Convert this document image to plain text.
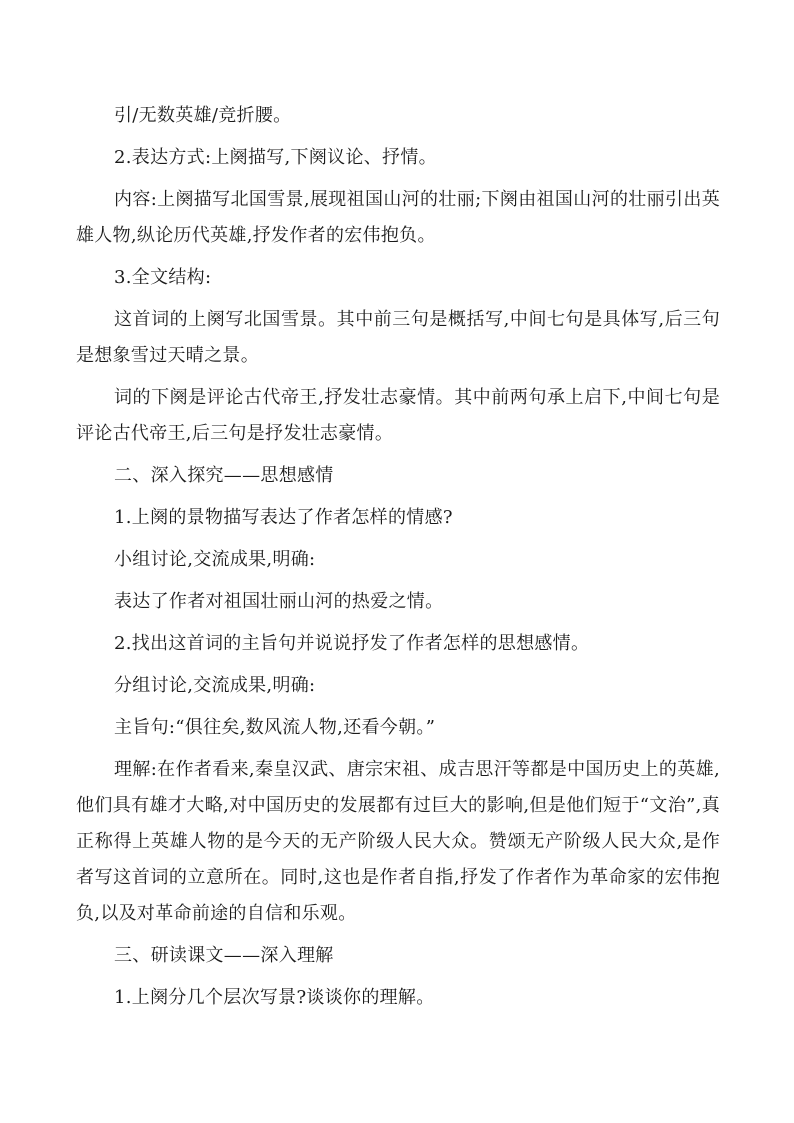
引/无数英雄/竞折腰。

2.表达方式:上阕描写,下阕议论、抒情。

内容:上阕描写北国雪景,展现祖国山河的壮丽;下阕由祖国山河的壮丽引出英雄人物,纵论历代英雄,抒发作者的宏伟抱负。

3.全文结构:

这首词的上阕写北国雪景。其中前三句是概括写,中间七句是具体写,后三句是想象雪过天晴之景。

词的下阕是评论古代帝王,抒发壮志豪情。其中前两句承上启下,中间七句是评论古代帝王,后三句是抒发壮志豪情。

二、深入探究——思想感情

1.上阕的景物描写表达了作者怎样的情感?

小组讨论,交流成果,明确:

表达了作者对祖国壮丽山河的热爱之情。

2.找出这首词的主旨句并说说抒发了作者怎样的思想感情。

分组讨论,交流成果,明确:

主旨句:“俱往矣,数风流人物,还看今朝。”

理解:在作者看来,秦皇汉武、唐宗宋祖、成吉思汗等都是中国历史上的英雄,他们具有雄才大略,对中国历史的发展都有过巨大的影响,但是他们短于“文治”,真正称得上英雄人物的是今天的无产阶级人民大众。赞颂无产阶级人民大众,是作者写这首词的立意所在。同时,这也是作者自指,抒发了作者作为革命家的宏伟抱负,以及对革命前途的自信和乐观。

三、研读课文——深入理解

1.上阕分几个层次写景?谈谈你的理解。
